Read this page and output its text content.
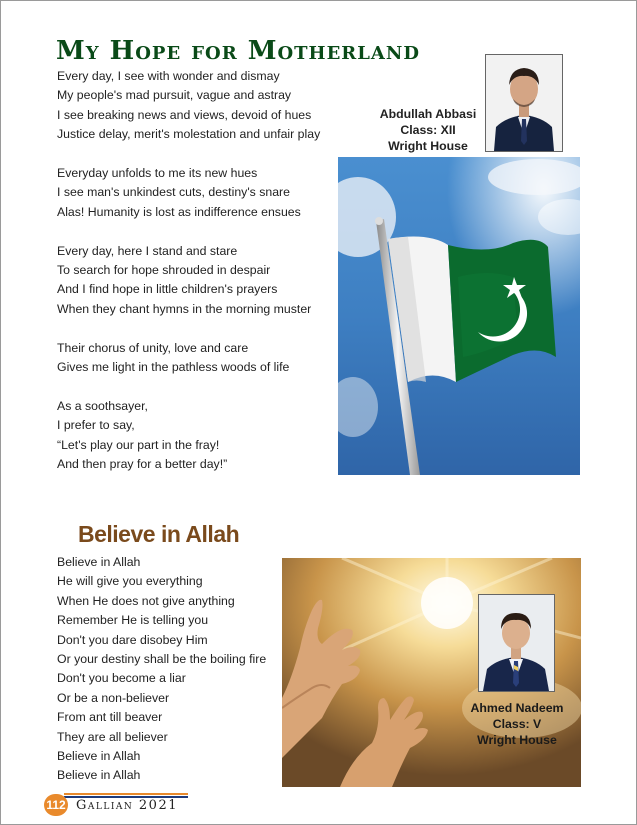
My Hope for Motherland
Every day, I see with wonder and dismay
My people's mad pursuit, vague and astray
I see breaking news and views, devoid of hues
Justice delay, merit's molestation and unfair play
Everyday unfolds to me its new hues
I see man's unkindest cuts, destiny's snare
Alas! Humanity is lost as indifference ensues
Every day, here I stand and stare
To search for hope shrouded in despair
And I find hope in little children's prayers
When they chant hymns in the morning muster
Their chorus of unity, love and care
Gives me light in the pathless woods of life
As a soothsayer,
I prefer to say,
“Let's play our part in the fray!
And then pray for a better day!”
Abdullah Abbasi
Class: XII
Wright House
Believe in Allah
Believe in Allah
He will give you everything
When He does not give anything
Remember He is telling you
Don't you dare disobey Him
Or your destiny shall be the boiling fire
Don't you become a liar
Or be a non-believer
From ant till beaver
They are all believer
Believe in Allah
Believe in Allah
Ahmed Nadeem
Class: V
Wright House
112 Gallian 2021
